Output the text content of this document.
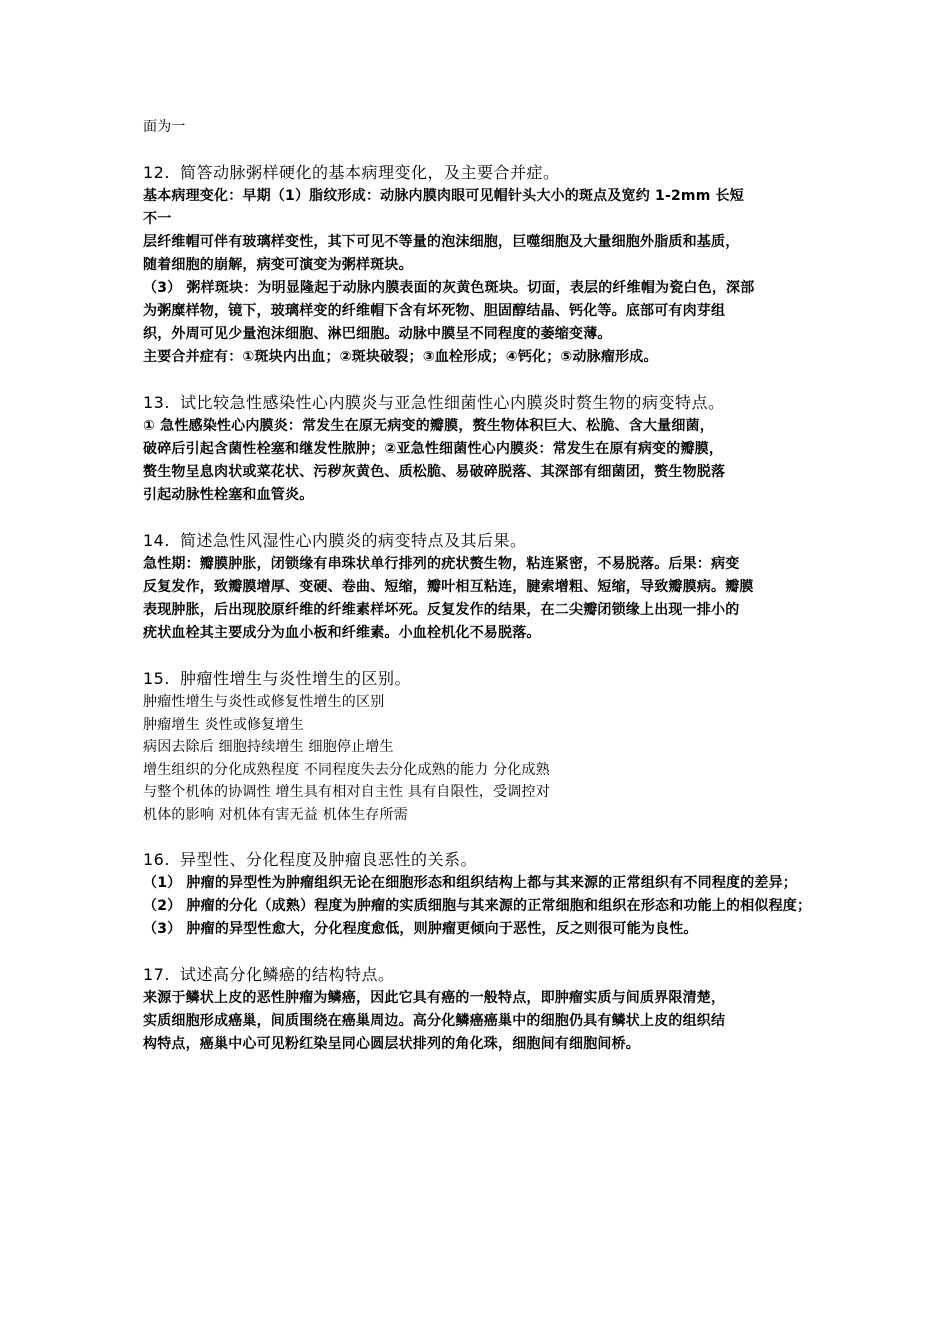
面为一
12. 简答动脉粥样硬化的基本病理变化，及主要合并症。
基本病理变化：早期（1）脂纹形成：动脉内膜肉眼可见帽针头大小的斑点及宽约 1-2mm 长短
不一
层纤维帽可伴有玻璃样变性，其下可见不等量的泡沫细胞，巨噬细胞及大量细胞外脂质和基质，
随着细胞的崩解，病变可演变为粥样斑块。
（3） 粥样斑块：为明显隆起于动脉内膜表面的灰黄色斑块。切面，表层的纤维帽为瓷白色，深部
为粥糜样物，镜下，玻璃样变的纤维帽下含有坏死物、胆固醇结晶、钙化等。底部可有肉芽组
织，外周可见少量泡沫细胞、淋巴细胞。动脉中膜呈不同程度的萎缩变薄。
主要合并症有：①斑块内出血；②斑块破裂；③血栓形成；④钙化；⑤动脉瘤形成。
13. 试比较急性感染性心内膜炎与亚急性细菌性心内膜炎时赘生物的病变特点。
① 急性感染性心内膜炎：常发生在原无病变的瓣膜，赘生物体积巨大、松脆、含大量细菌，
破碎后引起含菌性栓塞和继发性脓肿；②亚急性细菌性心内膜炎：常发生在原有病变的瓣膜，
赘生物呈息肉状或菜花状、污秽灰黄色、质松脆、易破碎脱落、其深部有细菌团，赘生物脱落
引起动脉性栓塞和血管炎。
14. 简述急性风湿性心内膜炎的病变特点及其后果。
急性期：瓣膜肿胀，闭锁缘有串珠状单行排列的疣状赘生物，粘连紧密，不易脱落。后果：病变
反复发作，致瓣膜增厚、变硬、卷曲、短缩，瓣叶相互粘连，腱索增粗、短缩，导致瓣膜病。瓣膜
表现肿胀，后出现胶原纤维的纤维素样坏死。反复发作的结果，在二尖瓣闭锁缘上出现一排小的
疣状血栓其主要成分为血小板和纤维素。小血栓机化不易脱落。
15. 肿瘤性增生与炎性增生的区别。
肿瘤性增生与炎性或修复性增生的区别
肿瘤增生 炎性或修复增生
病因去除后 细胞持续增生 细胞停止增生
增生组织的分化成熟程度 不同程度失去分化成熟的能力 分化成熟
与整个机体的协调性 增生具有相对自主性 具有自限性，受调控对
机体的影响 对机体有害无益 机体生存所需
16. 异型性、分化程度及肿瘤良恶性的关系。
（1） 肿瘤的异型性为肿瘤组织无论在细胞形态和组织结构上都与其来源的正常组织有不同程度的差异；
（2） 肿瘤的分化（成熟）程度为肿瘤的实质细胞与其来源的正常细胞和组织在形态和功能上的相似程度；
（3） 肿瘤的异型性愈大，分化程度愈低，则肿瘤更倾向于恶性，反之则很可能为良性。
17. 试述高分化鳞癌的结构特点。
来源于鳞状上皮的恶性肿瘤为鳞癌，因此它具有癌的一般特点，即肿瘤实质与间质界限清楚，
实质细胞形成癌巢，间质围绕在癌巢周边。高分化鳞癌癌巢中的细胞仍具有鳞状上皮的组织结
构特点，癌巢中心可见粉红染呈同心圆层状排列的角化珠，细胞间有细胞间桥。
